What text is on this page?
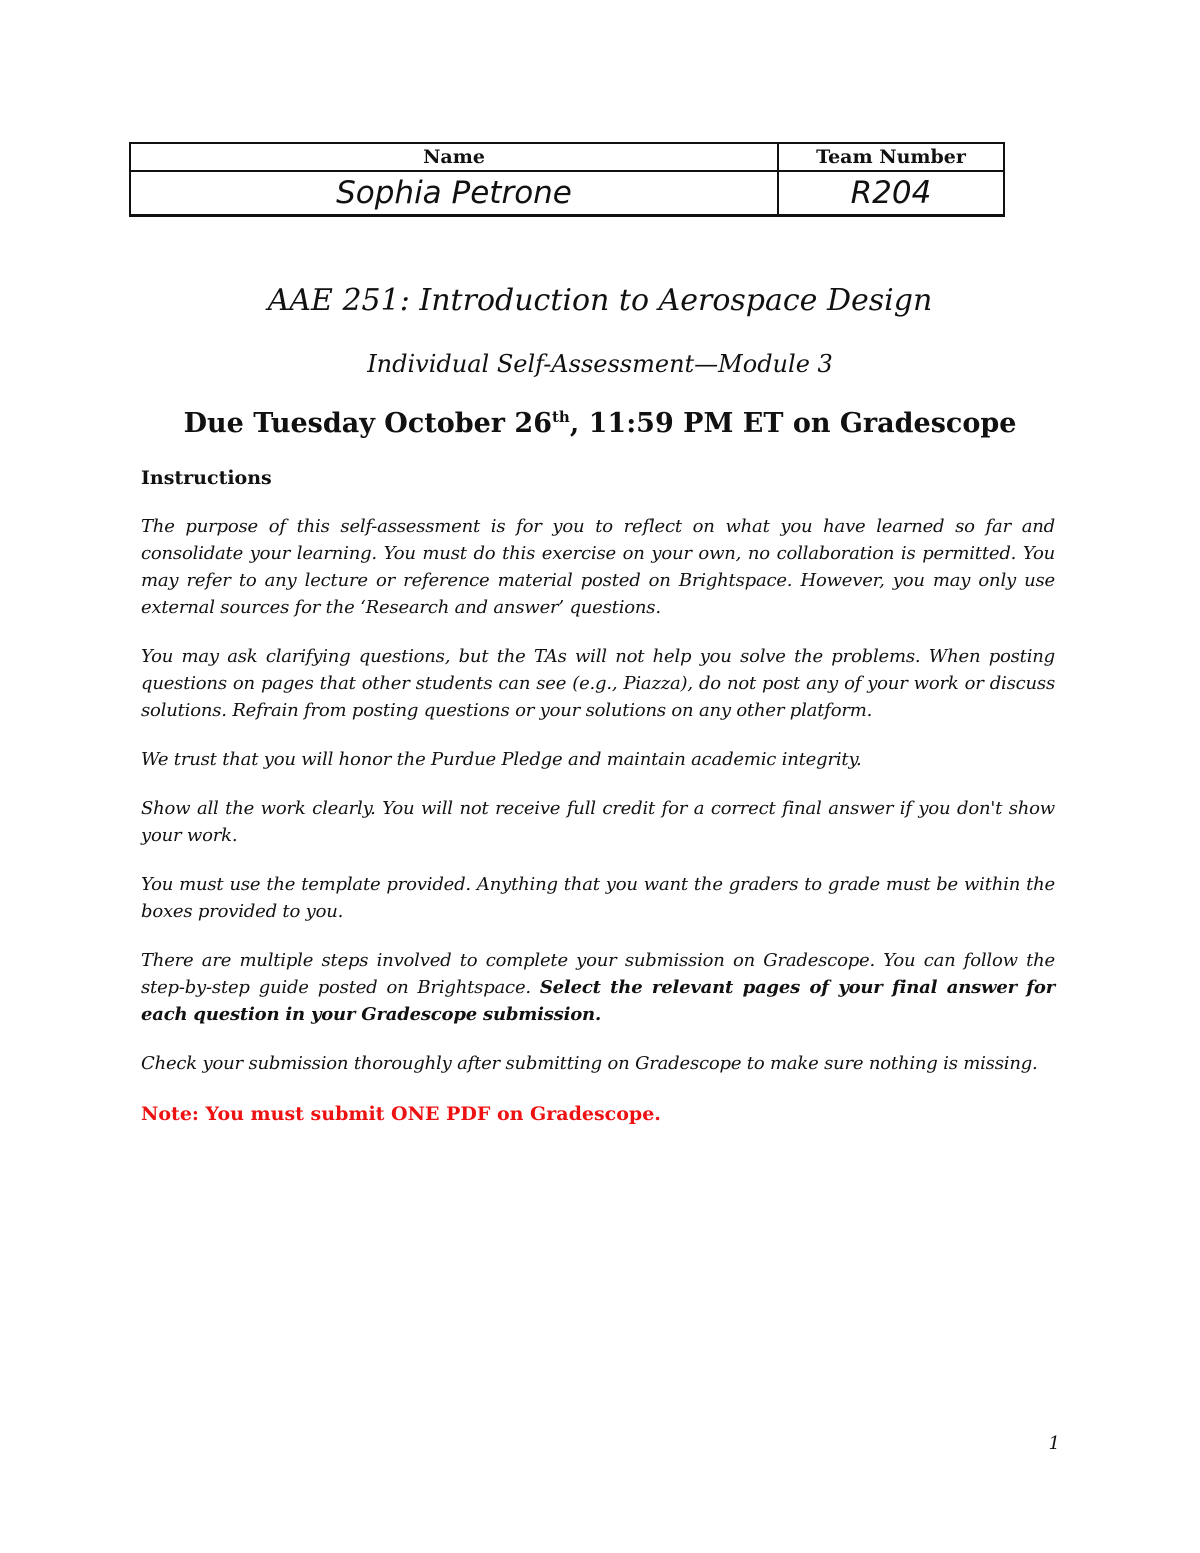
Name	Team Number
Sophia Petrone	R204
AAE 251: Introduction to Aerospace Design
Individual Self-Assessment—Module 3
Due Tuesday October 26th, 11:59 PM ET on Gradescope

Instructions

The purpose of this self-assessment is for you to reflect on what you have learned so far and consolidate your learning. You must do this exercise on your own, no collaboration is permitted. You may refer to any lecture or reference material posted on Brightspace. However, you may only use external sources for the ‘Research and answer’ questions.

You may ask clarifying questions, but the TAs will not help you solve the problems. When posting questions on pages that other students can see (e.g., Piazza), do not post any of your work or discuss solutions. Refrain from posting questions or your solutions on any other platform.

We trust that you will honor the Purdue Pledge and maintain academic integrity.

Show all the work clearly. You will not receive full credit for a correct final answer if you don't show your work.

You must use the template provided. Anything that you want the graders to grade must be within the boxes provided to you.

There are multiple steps involved to complete your submission on Gradescope. You can follow the step-by-step guide posted on Brightspace. Select the relevant pages of your final answer for each question in your Gradescope submission.

Check your submission thoroughly after submitting on Gradescope to make sure nothing is missing.

Note: You must submit ONE PDF on Gradescope.

1
